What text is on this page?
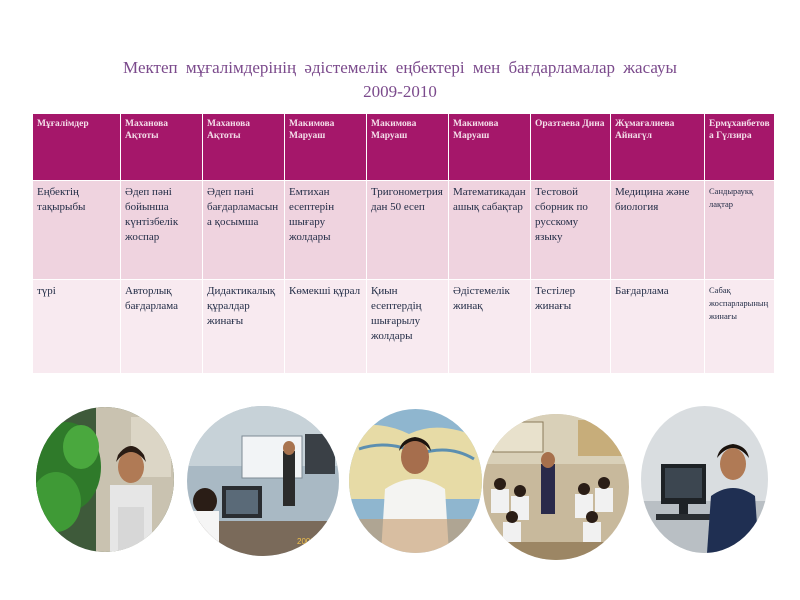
Мектеп мұғалімдерінің әдістемелік еңбектері мен бағдарламалар жасауы
2009-2010
Мұғалімдер	Маханова Ақтоты	Маханова Ақтоты	Макимова Маруаш	Макимова Маруаш	Макимова Маруаш	Оразтаева Дина	Жұмағалиева Айнагүл	Ермұханбетова Гүлзира
Еңбектің тақырыбы	Әдеп пәні бойынша күнтізбелік жоспар	Әдеп пәні бағдарламасына қосымша	Емтихан есептерін шығару жолдары	Тригонометриядан 50 есеп	Математикадан ашық сабақтар	Тестовой сборник по русскому языку	Медицина және биология	Сандыраукқ лақтар
түрі	Авторлық бағдарлама	Дидактикалық құралдар жинағы	Көмекші құрал	Қиын есептердің шығарылу жолдары	Әдістемелік жинақ	Тестілер жинағы	Бағдарлама	Сабақ жоспарларының жинағы
2009.09
